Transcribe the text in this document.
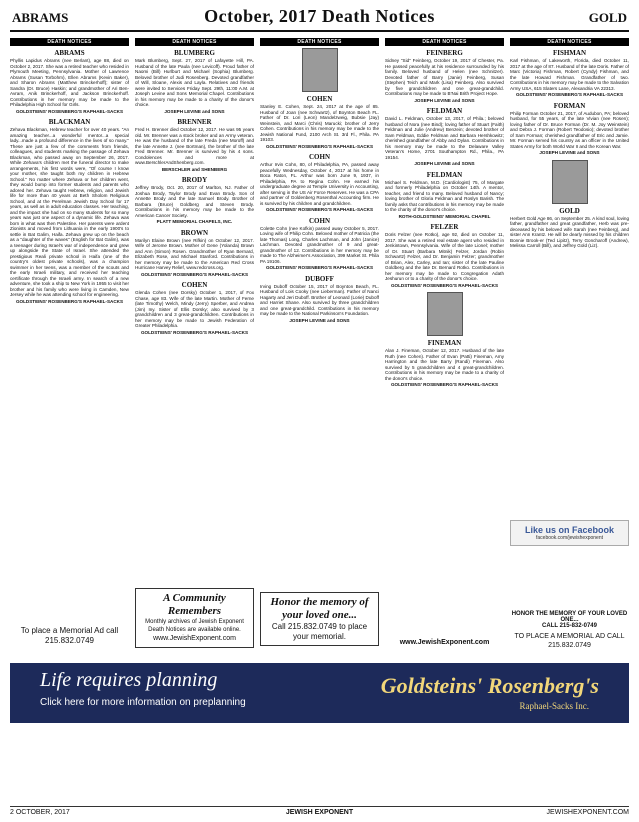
ABRAMS	October, 2017 Death Notices	GOLD
DEATH NOTICES
ABRAMS
Phyllis Lapidus Abrams (nee Berlant), age 88, died on October 2, 2017. She was a retired teacher who resided in Plymouth Meeting, Pennsylvania. Mother of Lawrence Abrams (Susan Torbohm), Ellen Abrams (Kevin Baker), and Sharon Abrams (Matthew Brinckerhoff); sister of Sandra (Dr. Bruce) Haskin; and grandmother of Ari Ben-Avram, Anik Brinckerhoff, and Jackson Brinckerhoff. Contributions in her memory may be made to the Philadelphia High School for Girls.
GOLDSTEINS' ROSENBERG'S RAPHAEL-SACKS
BLACKMAN
Zehava Blackman, Hebrew teacher for over 40 years. "An amazing teacher...a wonderful mentor...a special lady...made a profound difference in the lives of so many." These are just a few of the comments from friends, colleagues, and students marking the passage of Zehava Blackman, who passed away on September 26, 2017. While Zehava's children met the funeral director to make arrangements, his first words were, "Of course I know your mother, she taught both my children in Hebrew School." No matter where Zehava or her children went, they would bump into former students and parents who adored her. Zehava taught Hebrew, religion, and Jewish life for more than 40 years at Beth Sholom Religious School, and at the Perelman Jewish Day School for 17 years, as well as in adult education classes. Her teaching, and the impact she had on so many students for so many years was just one aspect of a dynamic life. Zehava was born in what was then Palestine. Her parents were ardent Zionists and moved from Lithuania in the early 1900's to settle in Bat Galim, Haifa. Zehava grew up on the beach as a "daughter of the waves" (English for Bat Galim), was a teenager during Israel's war of independence and grew up alongside the State of Israel. She attended the prestigious Reali private school in Haifa (one of the country's oldest private schools), was a champion swimmer in her teens, was a member of the scouts and the early Israeli military, and received her teaching certificate through the Israeli army. In search of a new adventure, she took a ship to New York in 1955 to visit her brother and his family who were living in Camden, New Jersey while he was attending school for engineering.
GOLDSTEINS' ROSENBERG'S RAPHAEL-SACKS
To place a Memorial Ad call 215.832.0749
DEATH NOTICES
BLUMBERG
Mark Blumberg, Sept. 27, 2017 of Lafayette Hill, PA. Husband of the late Paula (nee Levicoff). Proud father of Naomi (Bill) Hurlburt and Michael (Sophia) Blumberg. Beloved brother of Judi Rosenberg. Devoted grandfather of Will, Sloane, Alexis and Layla. Relatives and friends were invited to Services Friday Sept. 29th, 11:00 A.M. at Joseph Levine and Sons Memorial Chapel. Contributions in his memory may be made to a charity of the donor's choice.
JOSEPH LEVINE and SONS
BRENNER
Fred H. Brenner died October 12, 2017. He was 95 years old. Mr. Brenner was a stock broker and an Army veteran. He was the husband of the late Freda (nee Moroff) and the late Annette J. (nee Bortman), the brother of the late Fred Brenner. Mr. Brenner is survived by his 4 sons. Condolences and more at www.BerschlerAndShenberg.com.
BERSCHLER and SHENBERG
BRODY
Jeffrey Brody, Oct. 20, 2017 of Marlton, NJ. Father of Joshua Brody, Taylor Brody and Evan Brody. Son of Annette Brody and the late Samuel Brody. Brother of Barbara (Bruce) Goldberg and Steven Brody. Contributions in his memory may be made to the American Cancer Society.
PLATT MEMORIAL CHAPELS, INC.
BROWN
Marilyn Elaine Brown (nee Rifkin) on October 12, 2017. Wife of Jerome Brown. Mother of Gene (Yolanda) Brown and Ann (Simon) Rosen. Grandmother of Ryan Bernard, Elizabeth Rose, and Michael Stanford. Contributions in her memory may be made to the American Red Cross Hurricane Harvey Relief, www.redcross.org.
GOLDSTEINS' ROSENBERG'S RAPHAEL-SACKS
COHEN
Glenda Cohen (nee Dorsky) October 1, 2017, of Fox Chase, age 83. Wife of the late Martin. Mother of Ferne (late Timothy) Welch, Mindy (Jerry) Sperber, and Andrea (Jim) Iny. Sister of Ellis Dorsky; also survived by 3 grandchildren and 3 great-grandchildren. Contributions in her memory may be made to Jewish Federation of Greater Philadelphia.
GOLDSTEINS' ROSENBERG'S RAPHAEL-SACKS
A Community Remembers
Monthly archives of Jewish Exponent Death Notices are available online.
www.JewishExponent.com
DEATH NOTICES
COHEN
Stanley E. Cohen, Sept. 24, 2017 at the age of 85. Husband of Joan (nee Schwartz), of Boynton Beach FL. Father of Dr. Lori (Leon) Mandelzweig, Bubsie (Jay) Weinstein, and Marci (Chris) Marucki; brother of Jerry Cohen. Contributions in his memory may be made to the Jewish National Fund, 2100 Arch St. 3rd Fl., Phila. PA 19103.
GOLDSTEINS' ROSENBERG'S RAPHAEL-SACKS
COHN
Arthur Irvin Cohn, 80, of Philadelphia, PA, passed away peacefully Wednesday, October 4, 2017 at his home in Boca Raton, FL. Arthur was born June 9, 1937, in Philadelphia, PA to Regina Cohn. He earned his undergraduate degree at Temple University in Accounting, after serving in the US Air Force Reserves. He was a CPA and partner of Goldenberg Rosenthal Accounting firm. He is survived by his children and grandchildren.
GOLDSTEINS' ROSENBERG'S RAPHAEL-SACKS
COHN
Colette Cohn (nee Kofkin) passed away October 5, 2017. Loving wife of Philip Cohn. Beloved mother of Patricia (the late Thomas) Long, Charles Lachman, and John (Janice) Lachman. Devoted grandmother of 9 and great-grandmother of 12. Contributions in her memory may be made to The Alzheimer's Association, 399 Market St. Phila PA 19106.
GOLDSTEINS' ROSENBERG'S RAPHAEL-SACKS
DUBOFF
Irving Duboff October 15, 2017 of Boynton Beach, FL. Husband of Lois Cooky (nee Lieberman). Father of Nanci Hagarty and Jeri Duboff. Brother of Leonard (Lorie) Duboff and Harriet Shane. Also survived by three grandchildren and one great-grandchild. Contributions in his memory may be made to the National Parkinson's Foundation.
JOSEPH LEVINE and SONS
Honor the memory of your loved one...
Call 215.832.0749 to place your memorial.
DEATH NOTICES
FEINBERG
Sidney "Sid" Feinberg, October 19, 2017 of Chester, Pa. He passed peacefully at his residence surrounded by his family. Beloved husband of Helen (nee Schnitzer). Devoted father of Barry (Janie) Feinberg, Susan (Stephen) Teich and Mark (Lisa) Feinberg. Also survived by five grandchildren and one great-grandchild. Contributions may be made to B'Nai Brith Project Hope.
JOSEPH LEVINE and SONS
FELDMAN
David L. Feldman, October 13, 2017, of Phila.; beloved husband of Nora (nee Bind); loving father of Stuart (Faith) Feldman and Julie (Andrew) Benzein; devoted brother of Sam Feldman, Eddie Feldman and Barbara Hershkowitz; cherished grandfather of Abby and Dylan. Contributions in his memory may be made to the Delaware Valley Veteran's Home, 2701 Southampton Rd., Phila., PA 19154.
JOSEPH LEVINE and SONS
FELDMAN
Michael S. Feldman, M.D. (Cardiologist) 75, of Margate and formerly Philadelphia on October 14th. A mentor, teacher, and friend to many. Beloved husband of Nancy; loving brother of Gloria Feldman and Roslyn Barish. The family asks that contributions in his memory may be made to the charity of the donor's choice.
ROTH-GOLDSTEINS' MEMORIAL CHAPEL
FELZER
Doris Felzer (nee Rotko), age 92, died on October 11, 2017. She was a retired real estate agent who resided in Jenkintown, Pennsylvania. Wife of the late Lionel; mother of Dr. Stuart (Barbara Mitnik) Felzer, Jordan (Robin Schwartz) Felzer, and Dr. Benjamin Felzer; grandmother of Brian, Alex, Carley, and Ian; sister of the late Pauline Goldberg and the late Dr. Bernard Rotko. Contributions in her memory may be made to Congregation Adath Jeshurun or to a charity of the donor's choice.
GOLDSTEINS' ROSENBERG'S RAPHAEL-SACKS
FINEMAN
Alan J. Fineman, October 12, 2017. Husband of the late Ruth (nee Cohen). Father of Evan (Patti) Fineman, Amy Harrington and the late Barry (Randi) Fineman. Also survived by 5 grandchildren and 4 great-grandchildren. Contributions in his memory may be made to a charity of the donor's choice.
GOLDSTEINS' ROSENBERG'S RAPHAEL-SACKS
www.JewishExponent.com
DEATH NOTICES
FISHMAN
Karl Fishman, of Lakeworth, Florida, died October 11, 2017 at the age of 87. Husband of the late Doris. Father of Marc (Victoria) Fishman, Robert (Cyndy) Fishman, and the late Howard Fishman. Grandfather of two. Contributions in his memory may be made to the Salvation Army USA, 615 Slaters Lane, Alexandria VA 22313.
GOLDSTEINS' ROSENBERG'S RAPHAEL-SACKS
FORMAN
Philip Forman October 21, 2017, of Audubon, PA; beloved husband, for 55 years, of the late Vivian (nee Rosen); loving father of Dr. Bruce Forman (Dr. M. Joy Weinstein) and Debra J. Forman (Robert Teodosio); devoted brother of Sam Forman; cherished grandfather of Eric and Jamie. Mr. Forman served his country as an officer in the United States Army for both World War II and the Korean War.
JOSEPH LEVINE and SONS
GOLD
Herbert Gold Age 86, on September 25. A kind soul, loving father, grandfather and great grandfather, Herb was pre-deceased by his beloved wife Sarah (nee Feinberg), and sister Ann Krantz. He will be dearly missed by his children Bonnie Brook-er (Ted Lipitz), Terry Goncharoff (Andrew), Melissa Carroll (Bill), and Jeffrey Gold (Liz).
Like us on Facebook
facebook.com/jewishexponent
HONOR THE MEMORY OF YOUR LOVED ONE...
CALL 215-832-0749
TO PLACE A MEMORIAL AD CALL 215.832.0749
Life requires planning
Click here for more information on preplanning
Goldsteins' Rosenberg's
Raphael-Sacks Inc.
2 OCTOBER, 2017	JEWISH EXPONENT	JEWISHEXPONENT.COM
